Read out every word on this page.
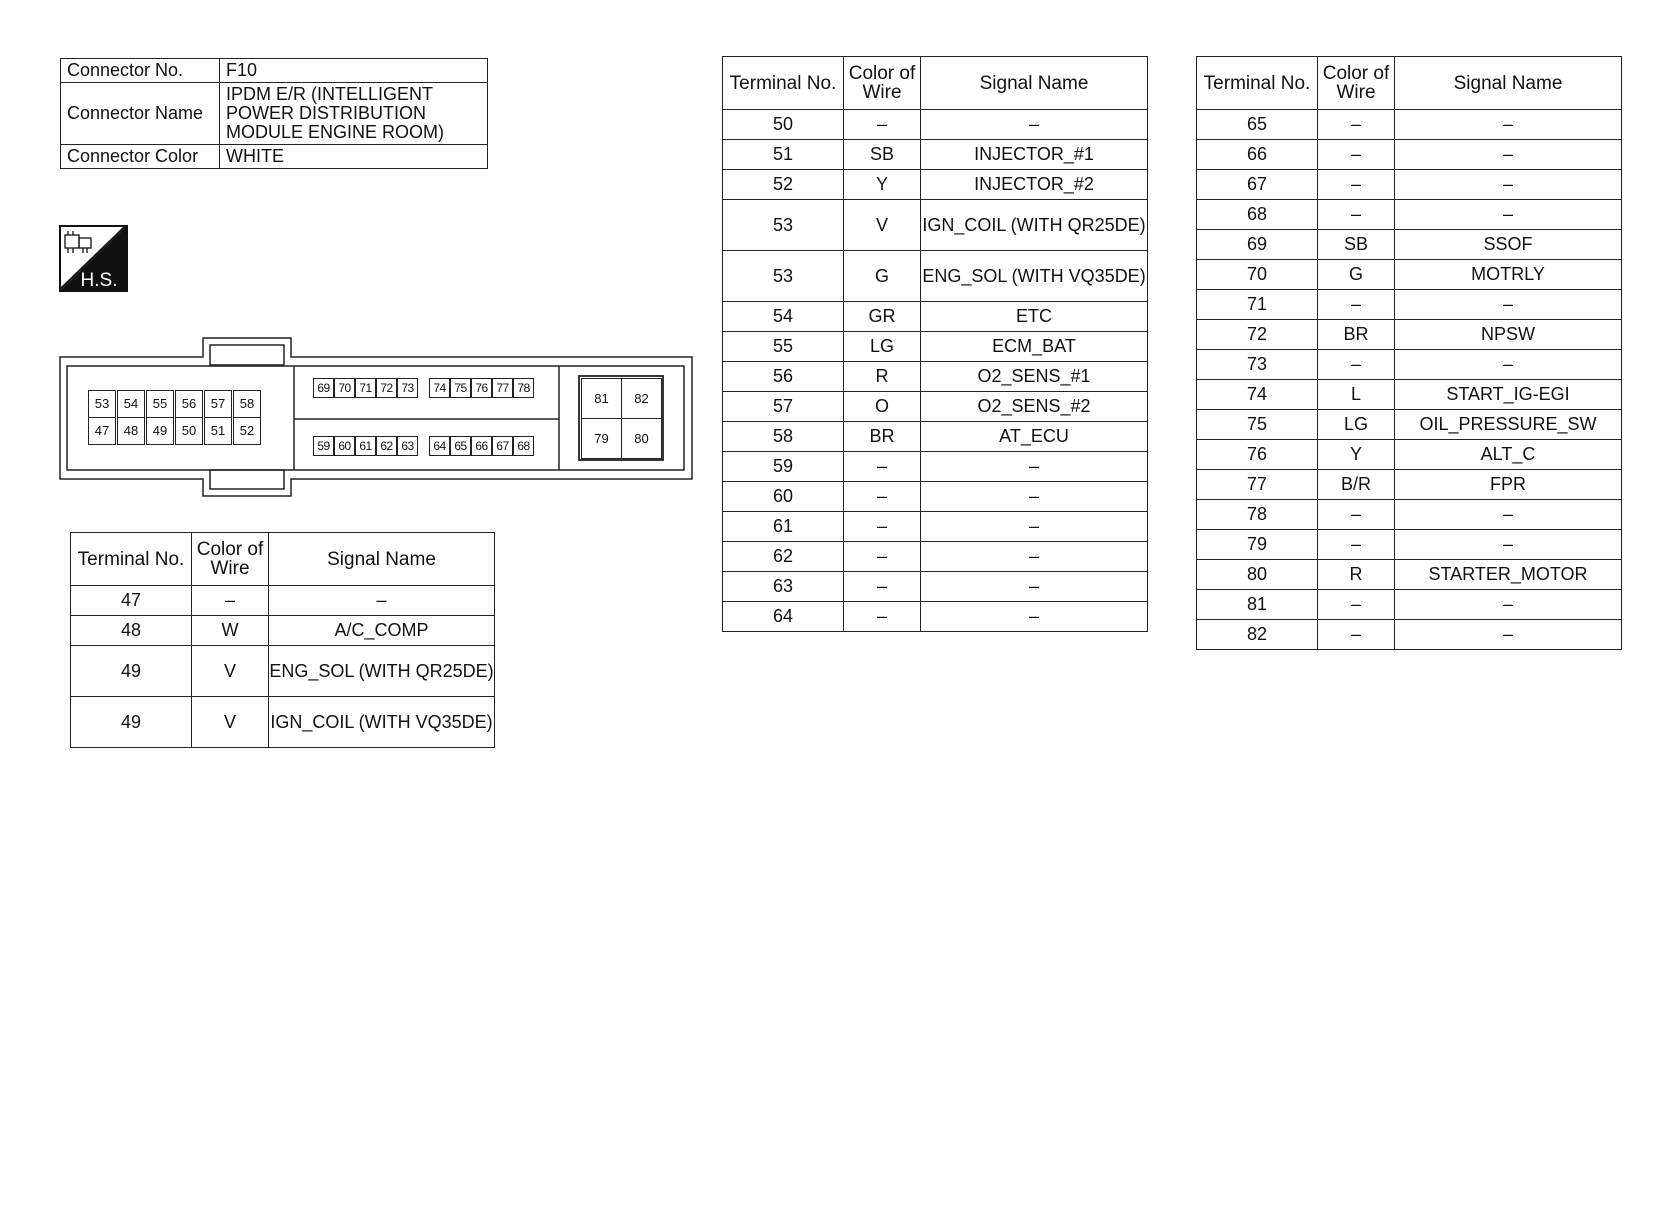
Connector No.	F10
Connector Name	IPDM E/R (INTELLIGENT POWER DISTRIBUTION MODULE ENGINE ROOM)
Connector Color	WHITE
H.S.
53	54	55	56	57	58
47	48	49	50	51	52
69 70 71 72 73 74 75 76 77 78
59 60 61 62 63 64 65 66 67 68
81	82
79	80
Terminal No.	Color of Wire	Signal Name
47	–	–
48	W	A/C_COMP
49	V	ENG_SOL (WITH QR25DE)
49	V	IGN_COIL (WITH VQ35DE)
Terminal No.	Color of Wire	Signal Name
50	–	–
51	SB	INJECTOR_#1
52	Y	INJECTOR_#2
53	V	IGN_COIL (WITH QR25DE)
53	G	ENG_SOL (WITH VQ35DE)
54	GR	ETC
55	LG	ECM_BAT
56	R	O2_SENS_#1
57	O	O2_SENS_#2
58	BR	AT_ECU
59	–	–
60	–	–
61	–	–
62	–	–
63	–	–
64	–	–
Terminal No.	Color of Wire	Signal Name
65	–	–
66	–	–
67	–	–
68	–	–
69	SB	SSOF
70	G	MOTRLY
71	–	–
72	BR	NPSW
73	–	–
74	L	START_IG-EGI
75	LG	OIL_PRESSURE_SW
76	Y	ALT_C
77	B/R	FPR
78	–	–
79	–	–
80	R	STARTER_MOTOR
81	–	–
82	–	–
